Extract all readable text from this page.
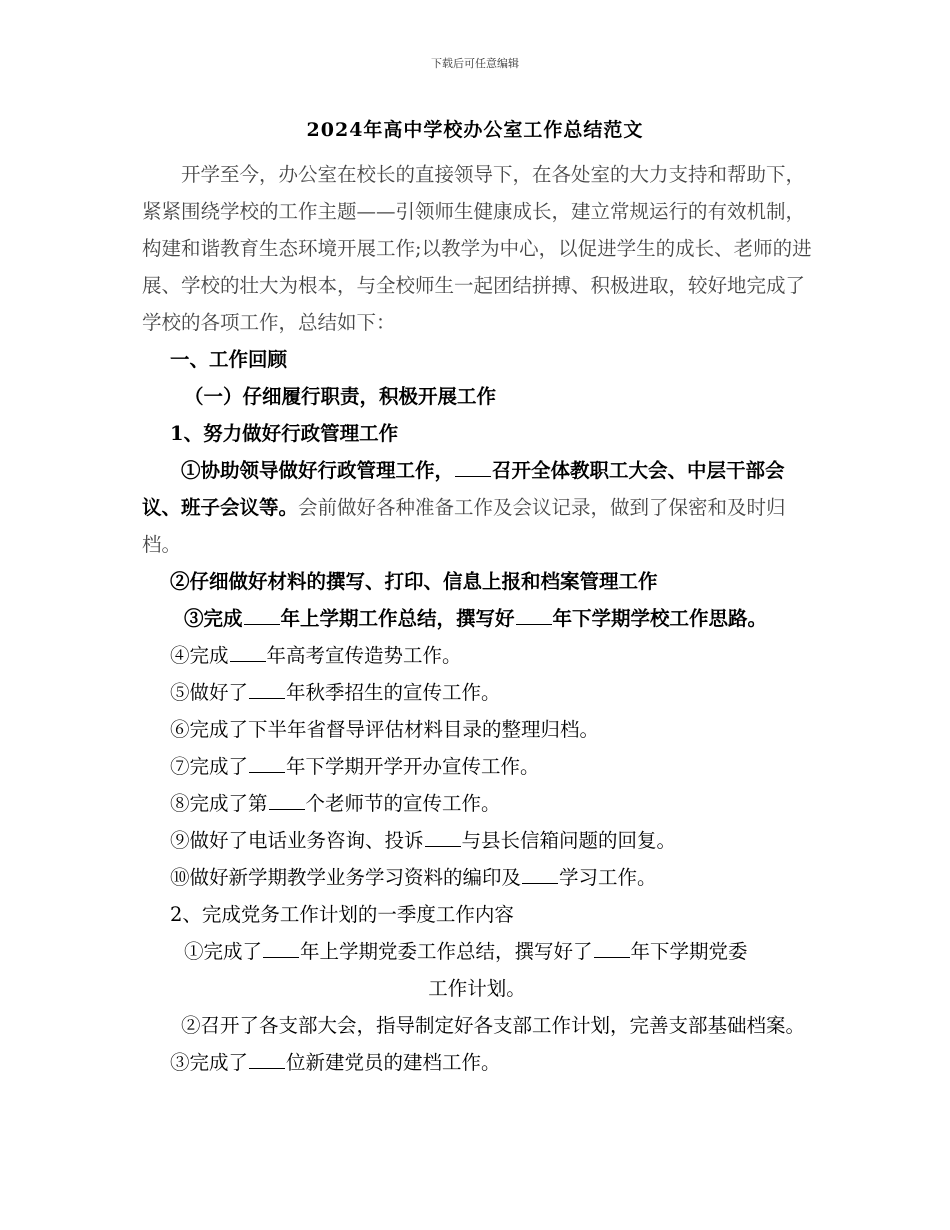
下载后可任意编辑
2024年高中学校办公室工作总结范文

开学至今，办公室在校长的直接领导下，在各处室的大力支持和帮助下，紧紧围绕学校的工作主题——引领师生健康成长，建立常规运行的有效机制，构建和谐教育生态环境开展工作;以教学为中心，以促进学生的成长、老师的进展、学校的壮大为根本，与全校师生一起团结拼搏、积极进取，较好地完成了学校的各项工作，总结如下：

一、工作回顾

（一）仔细履行职责，积极开展工作

1、努力做好行政管理工作

①协助领导做好行政管理工作， 召开全体教职工大会、中层干部会议、班子会议等。会前做好各种准备工作及会议记录，做到了保密和及时归档。

②仔细做好材料的撰写、打印、信息上报和档案管理工作

③完成 年上学期工作总结，撰写好 年下学期学校工作思路。

④完成 年高考宣传造势工作。

⑤做好了 年秋季招生的宣传工作。

⑥完成了下半年省督导评估材料目录的整理归档。

⑦完成了 年下学期开学开办宣传工作。

⑧完成了第 个老师节的宣传工作。

⑨做好了电话业务咨询、投诉 与县长信箱问题的回复。

⑩做好新学期教学业务学习资料的编印及 学习工作。

2、完成党务工作计划的一季度工作内容

①完成了 年上学期党委工作总结，撰写好了 年下学期党委

工作计划。

②召开了各支部大会，指导制定好各支部工作计划，完善支部基础档案。

③完成了 位新建党员的建档工作。
